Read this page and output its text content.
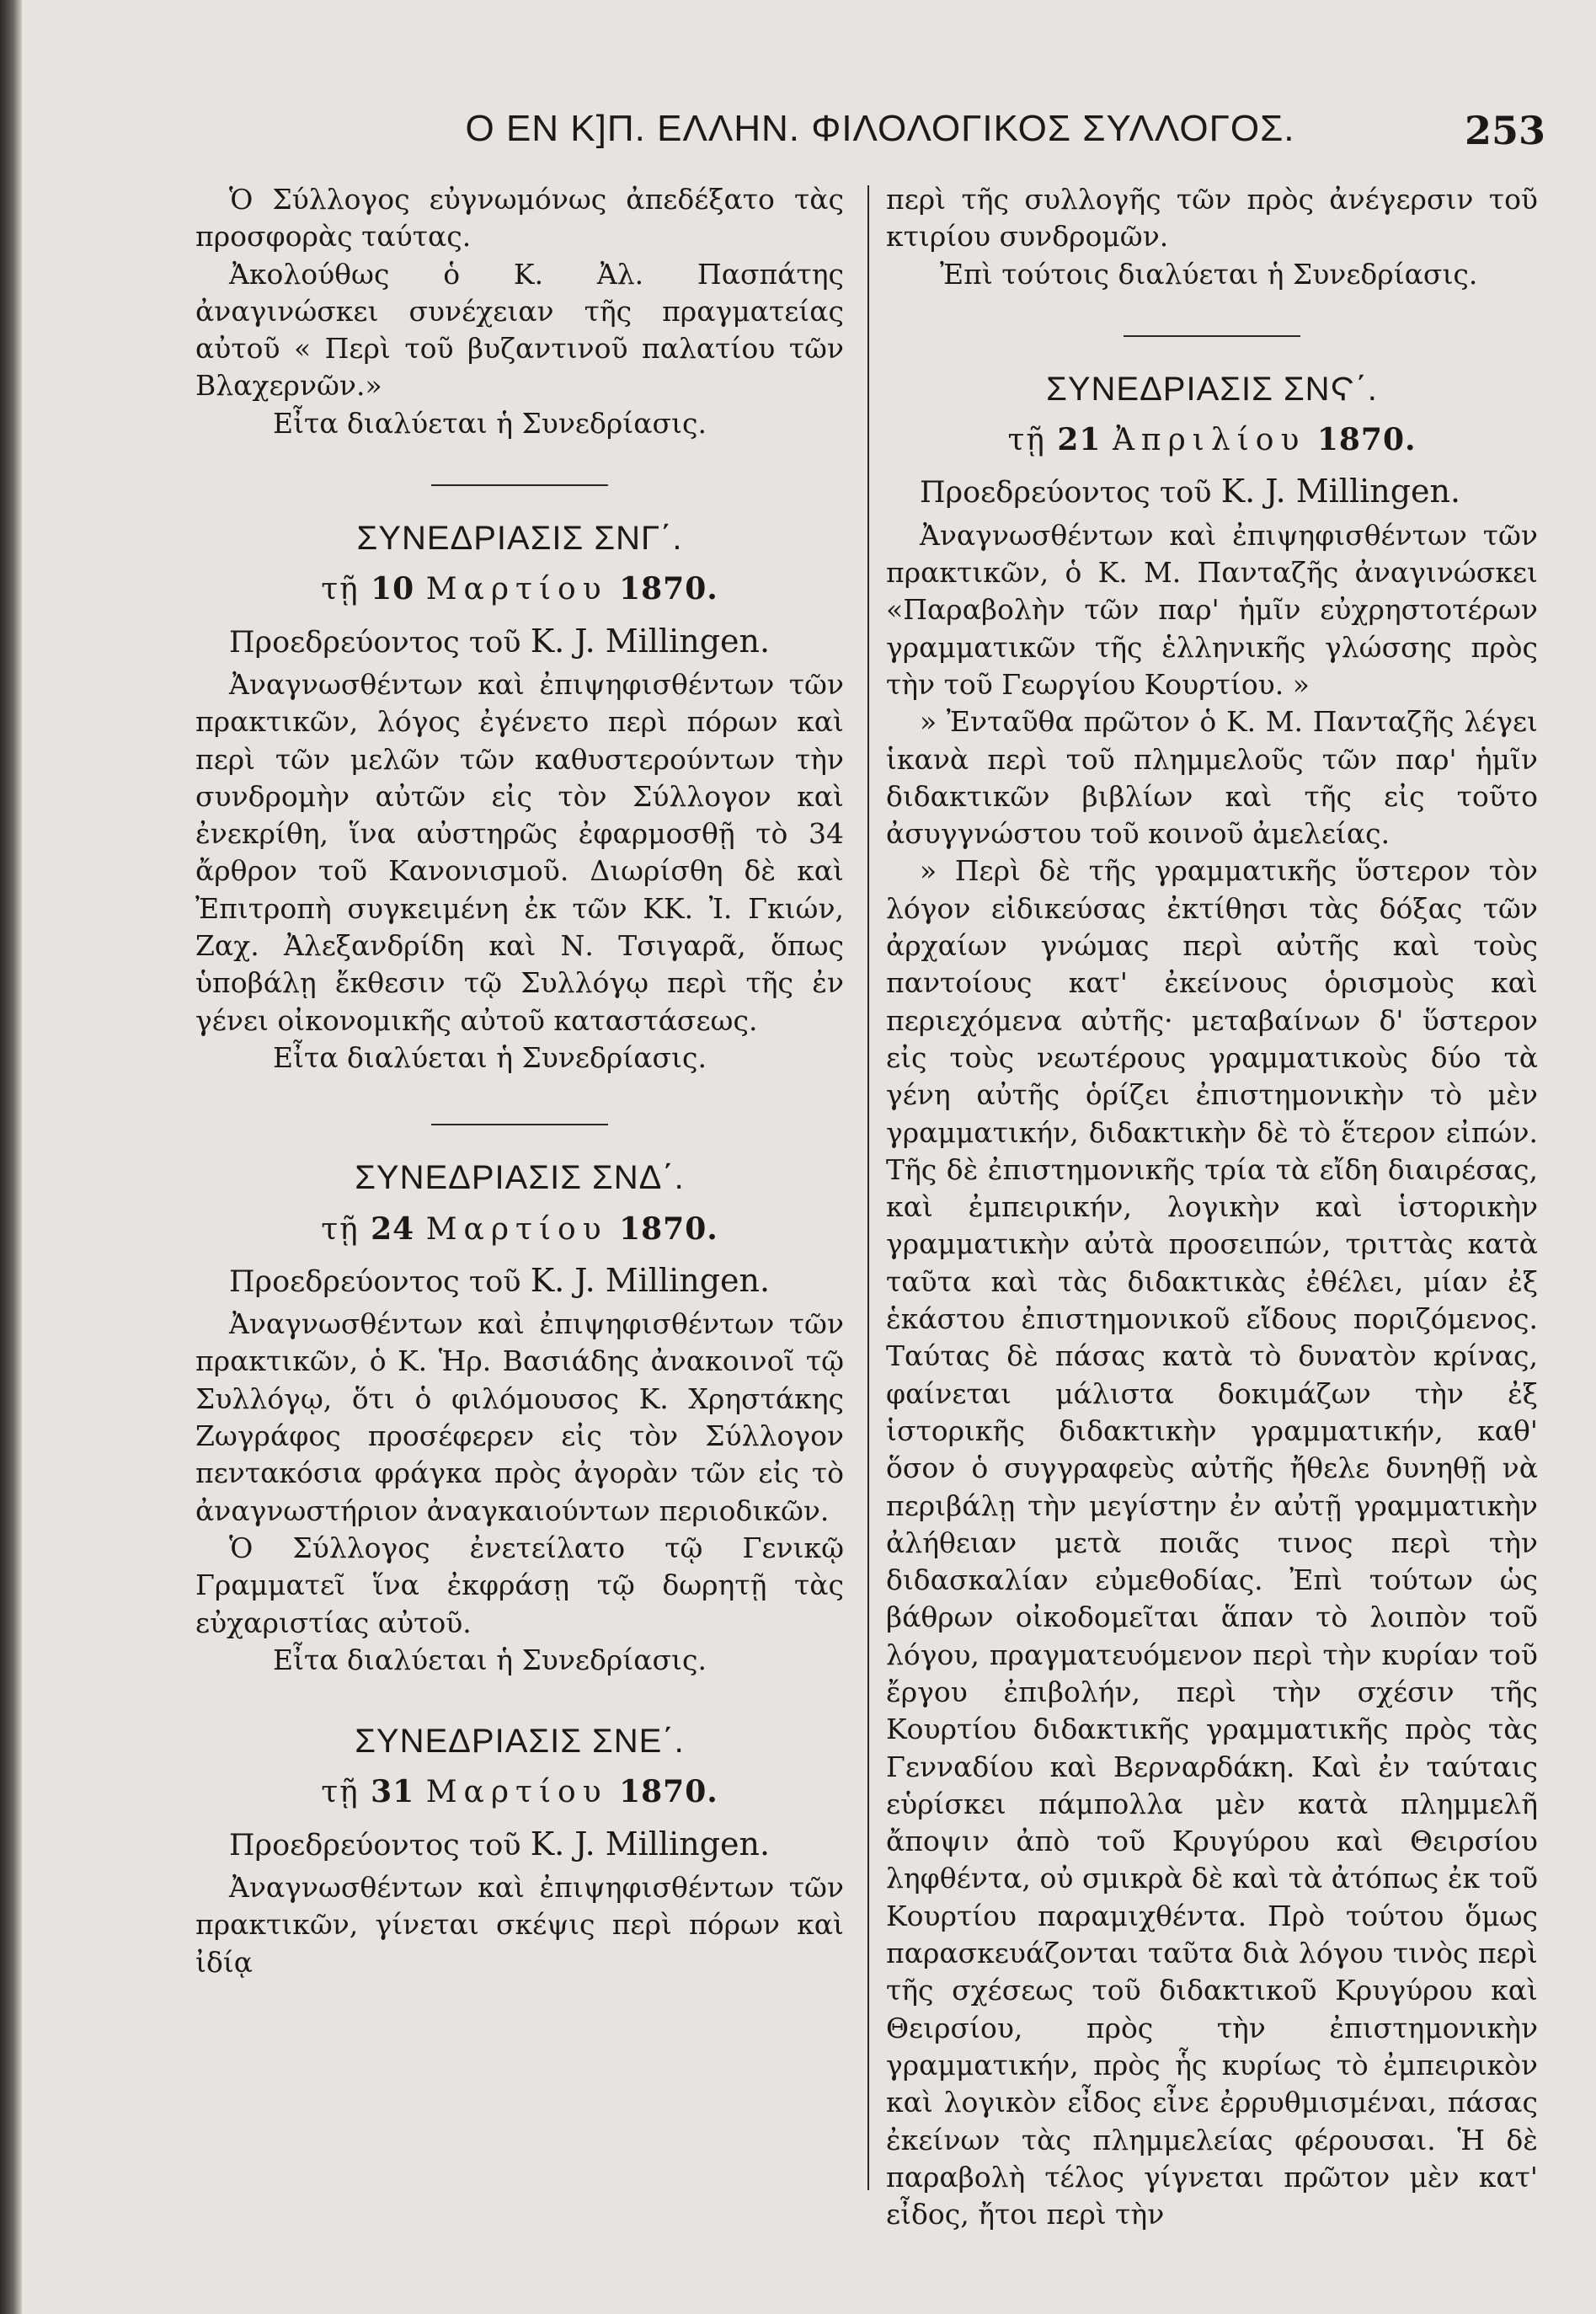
Ο ΕΝ Κ]Π. ΕΛΛΗΝ. ΦΙΛΟΛΟΓΙΚΟΣ ΣΥΛΛΟΓΟΣ.	253

Ὁ Σύλλογος εὐγνωμόνως ἀπεδέξατο τὰς προσφορὰς ταύτας.

Ἀκολούθως ὁ Κ. Ἀλ. Πασπάτης ἀναγινώσκει συνέχειαν τῆς πραγματείας αὐτοῦ « Περὶ τοῦ βυζαντινοῦ παλατίου τῶν Βλαχερνῶν.»

Εἶτα διαλύεται ἡ Συνεδρίασις.

ΣΥΝΕΔΡΙΑΣΙΣ ΣΝΓ΄.
τῇ 10 Μαρτίου 1870.

Προεδρεύοντος τοῦ Κ. J. Millingen.

Ἀναγνωσθέντων καὶ ἐπιψηφισθέντων τῶν πρακτικῶν, λόγος ἐγένετο περὶ πόρων καὶ περὶ τῶν μελῶν τῶν καθυστερούντων τὴν συνδρομὴν αὐτῶν εἰς τὸν Σύλλογον καὶ ἐνεκρίθη, ἵνα αὐστηρῶς ἐφαρμοσθῇ τὸ 34 ἄρθρον τοῦ Κανονισμοῦ. Διωρίσθη δὲ καὶ Ἐπιτροπὴ συγκειμένη ἐκ τῶν ΚΚ. Ἰ. Γκιών, Ζαχ. Ἀλεξανδρίδη καὶ Ν. Τσιγαρᾶ, ὅπως ὑποβάλῃ ἔκθεσιν τῷ Συλλόγῳ περὶ τῆς ἐν γένει οἰκονομικῆς αὐτοῦ καταστάσεως.

Εἶτα διαλύεται ἡ Συνεδρίασις.

ΣΥΝΕΔΡΙΑΣΙΣ ΣΝΔ΄.
τῇ 24 Μαρτίου 1870.

Προεδρεύοντος τοῦ Κ. J. Millingen.

Ἀναγνωσθέντων καὶ ἐπιψηφισθέντων τῶν πρακτικῶν, ὁ Κ. Ἡρ. Βασιάδης ἀνακοινοῖ τῷ Συλλόγῳ, ὅτι ὁ φιλόμουσος Κ. Χρηστάκης Ζωγράφος προσέφερεν εἰς τὸν Σύλλογον πεντακόσια φράγκα πρὸς ἀγορὰν τῶν εἰς τὸ ἀναγνωστήριον ἀναγκαιούντων περιοδικῶν.

Ὁ Σύλλογος ἐνετείλατο τῷ Γενικῷ Γραμματεῖ ἵνα ἐκφράσῃ τῷ δωρητῇ τὰς εὐχαριστίας αὐτοῦ.

Εἶτα διαλύεται ἡ Συνεδρίασις.

ΣΥΝΕΔΡΙΑΣΙΣ ΣΝΕ΄.
τῇ 31 Μαρτίου 1870.

Προεδρεύοντος τοῦ Κ. J. Millingen.

Ἀναγνωσθέντων καὶ ἐπιψηφισθέντων τῶν πρακτικῶν, γίνεται σκέψις περὶ πόρων καὶ ἰδίᾳ

περὶ τῆς συλλογῆς τῶν πρὸς ἀνέγερσιν τοῦ κτιρίου συνδρομῶν.

Ἐπὶ τούτοις διαλύεται ἡ Συνεδρίασις.

ΣΥΝΕΔΡΙΑΣΙΣ ΣΝϚ΄.
τῇ 21 Ἀπριλίου 1870.

Προεδρεύοντος τοῦ Κ. J. Millingen.

Ἀναγνωσθέντων καὶ ἐπιψηφισθέντων τῶν πρακτικῶν, ὁ Κ. Μ. Πανταζῆς ἀναγινώσκει «Παραβολὴν τῶν παρ' ἡμῖν εὐχρηστοτέρων γραμματικῶν τῆς ἑλληνικῆς γλώσσης πρὸς τὴν τοῦ Γεωργίου Κουρτίου. »

» Ἐνταῦθα πρῶτον ὁ Κ. Μ. Πανταζῆς λέγει ἱκανὰ περὶ τοῦ πλημμελοῦς τῶν παρ' ἡμῖν διδακτικῶν βιβλίων καὶ τῆς εἰς τοῦτο ἀσυγγνώστου τοῦ κοινοῦ ἀμελείας.

» Περὶ δὲ τῆς γραμματικῆς ὕστερον τὸν λόγον εἰδικεύσας ἐκτίθησι τὰς δόξας τῶν ἀρχαίων γνώμας περὶ αὐτῆς καὶ τοὺς παντοίους κατ' ἐκείνους ὁρισμοὺς καὶ περιεχόμενα αὐτῆς· μεταβαίνων δ' ὕστερον εἰς τοὺς νεωτέρους γραμματικοὺς δύο τὰ γένη αὐτῆς ὁρίζει ἐπιστημονικὴν τὸ μὲν γραμματικήν, διδακτικὴν δὲ τὸ ἕτερον εἰπών. Τῆς δὲ ἐπιστημονικῆς τρία τὰ εἴδη διαιρέσας, καὶ ἐμπειρικήν, λογικὴν καὶ ἱστορικὴν γραμματικὴν αὐτὰ προσειπών, τριττὰς κατὰ ταῦτα καὶ τὰς διδακτικὰς ἐθέλει, μίαν ἐξ ἑκάστου ἐπιστημονικοῦ εἴδους ποριζόμενος. Ταύτας δὲ πάσας κατὰ τὸ δυνατὸν κρίνας, φαίνεται μάλιστα δοκιμάζων τὴν ἐξ ἱστορικῆς διδακτικὴν γραμματικήν, καθ' ὅσον ὁ συγγραφεὺς αὐτῆς ἤθελε δυνηθῇ νὰ περιβάλῃ τὴν μεγίστην ἐν αὐτῇ γραμματικὴν ἀλήθειαν μετὰ ποιᾶς τινος περὶ τὴν διδασκαλίαν εὐμεθοδίας. Ἐπὶ τούτων ὡς βάθρων οἰκοδομεῖται ἅπαν τὸ λοιπὸν τοῦ λόγου, πραγματευόμενον περὶ τὴν κυρίαν τοῦ ἔργου ἐπιβολήν, περὶ τὴν σχέσιν τῆς Κουρτίου διδακτικῆς γραμματικῆς πρὸς τὰς Γενναδίου καὶ Βερναρδάκη. Καὶ ἐν ταύταις εὑρίσκει πάμπολλα μὲν κατὰ πλημμελῆ ἄποψιν ἀπὸ τοῦ Κρυγύρου καὶ Θειρσίου ληφθέντα, οὐ σμικρὰ δὲ καὶ τὰ ἀτόπως ἐκ τοῦ Κουρτίου παραμιχθέντα. Πρὸ τούτου ὅμως παρασκευάζονται ταῦτα διὰ λόγου τινὸς περὶ τῆς σχέσεως τοῦ διδακτικοῦ Κρυγύρου καὶ Θειρσίου, πρὸς τὴν ἐπιστημονικὴν γραμματικήν, πρὸς ἧς κυρίως τὸ ἐμπειρικὸν καὶ λογικὸν εἶδος εἶνε ἐρρυθμισμέναι, πάσας ἐκείνων τὰς πλημμελείας φέρουσαι. Ἡ δὲ παραβολὴ τέλος γίγνεται πρῶτον μὲν κατ' εἶδος, ἤτοι περὶ τὴν
